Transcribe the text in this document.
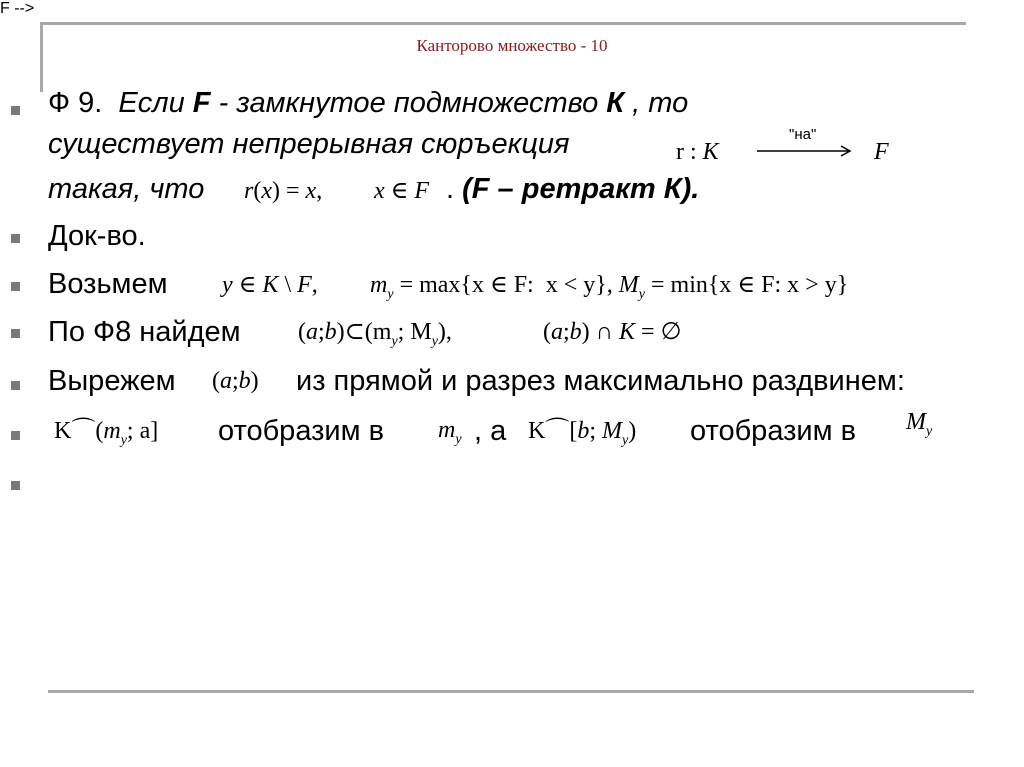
Канторово множество - 10
Ф 9.  Если F - замкнутое подмножество К , то
существует непрерывная сюръекция
F -->
r : K
"на"
F
такая, что r(x) = x, x ∈ F . (F – ретракт К).
Док-во.
Возьмем y ∈ K \ F, $m_y = \max\{x$ ∈ F:  x < y}, $M_y = \min\{x$ ∈ F: x > y}
По Ф8 найдем $(a;b)\subset(m_y$; $M_y$),	(a;b) ∩ K = ∅
(a;b)
Вырежем	из прямой и разрез максимально раздвинем:
$K⌒(m_y$; a] отобразим в $m_y$ , а K⌒[b; $M_y$) отобразим в $M_y$
